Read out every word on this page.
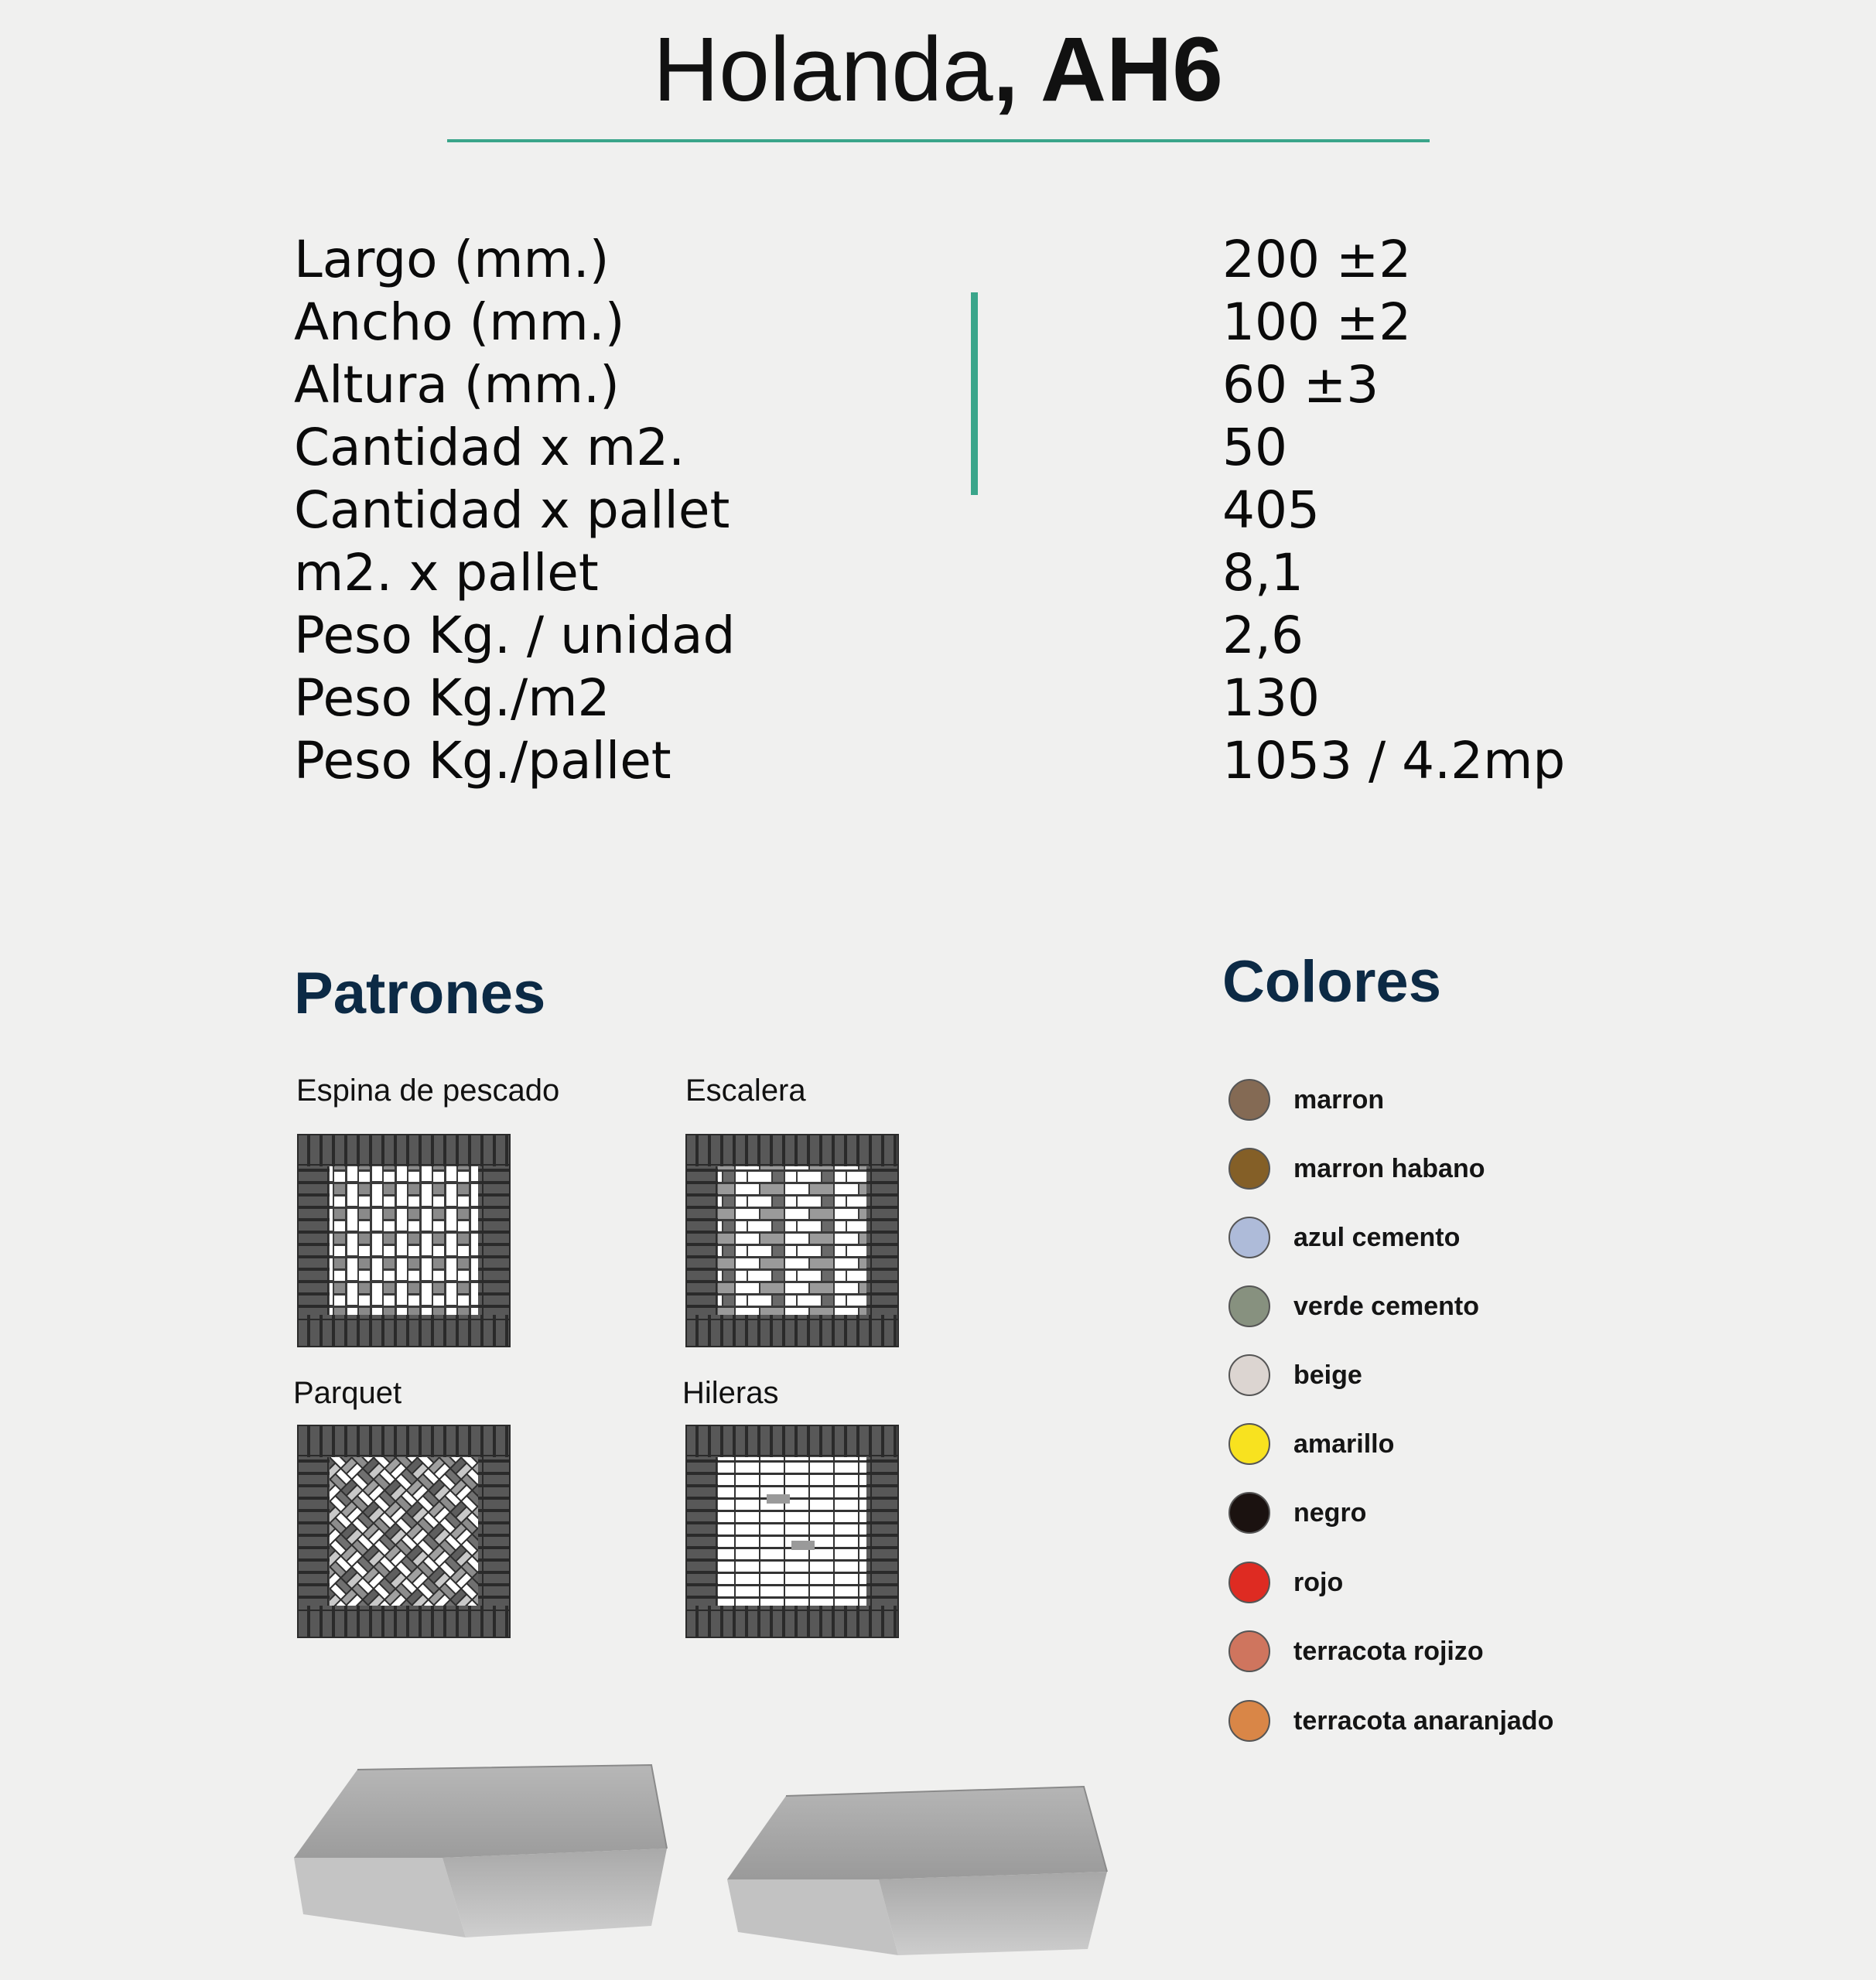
Holanda, AH6
Largo (mm.)	200 ±2
Ancho (mm.)	100 ±2
Altura (mm.)	60 ±3
Cantidad x m2.	50
Cantidad x pallet	405
m2. x pallet	8,1
Peso Kg. / unidad	2,6
Peso Kg./m2	130
Peso Kg./pallet	1053 / 4.2mp
Patrones
Espina de pescado	Escalera
Parquet	Hileras
Colores
marron
marron habano
azul cemento
verde cemento
beige
amarillo
negro
rojo
terracota rojizo
terracota anaranjado
